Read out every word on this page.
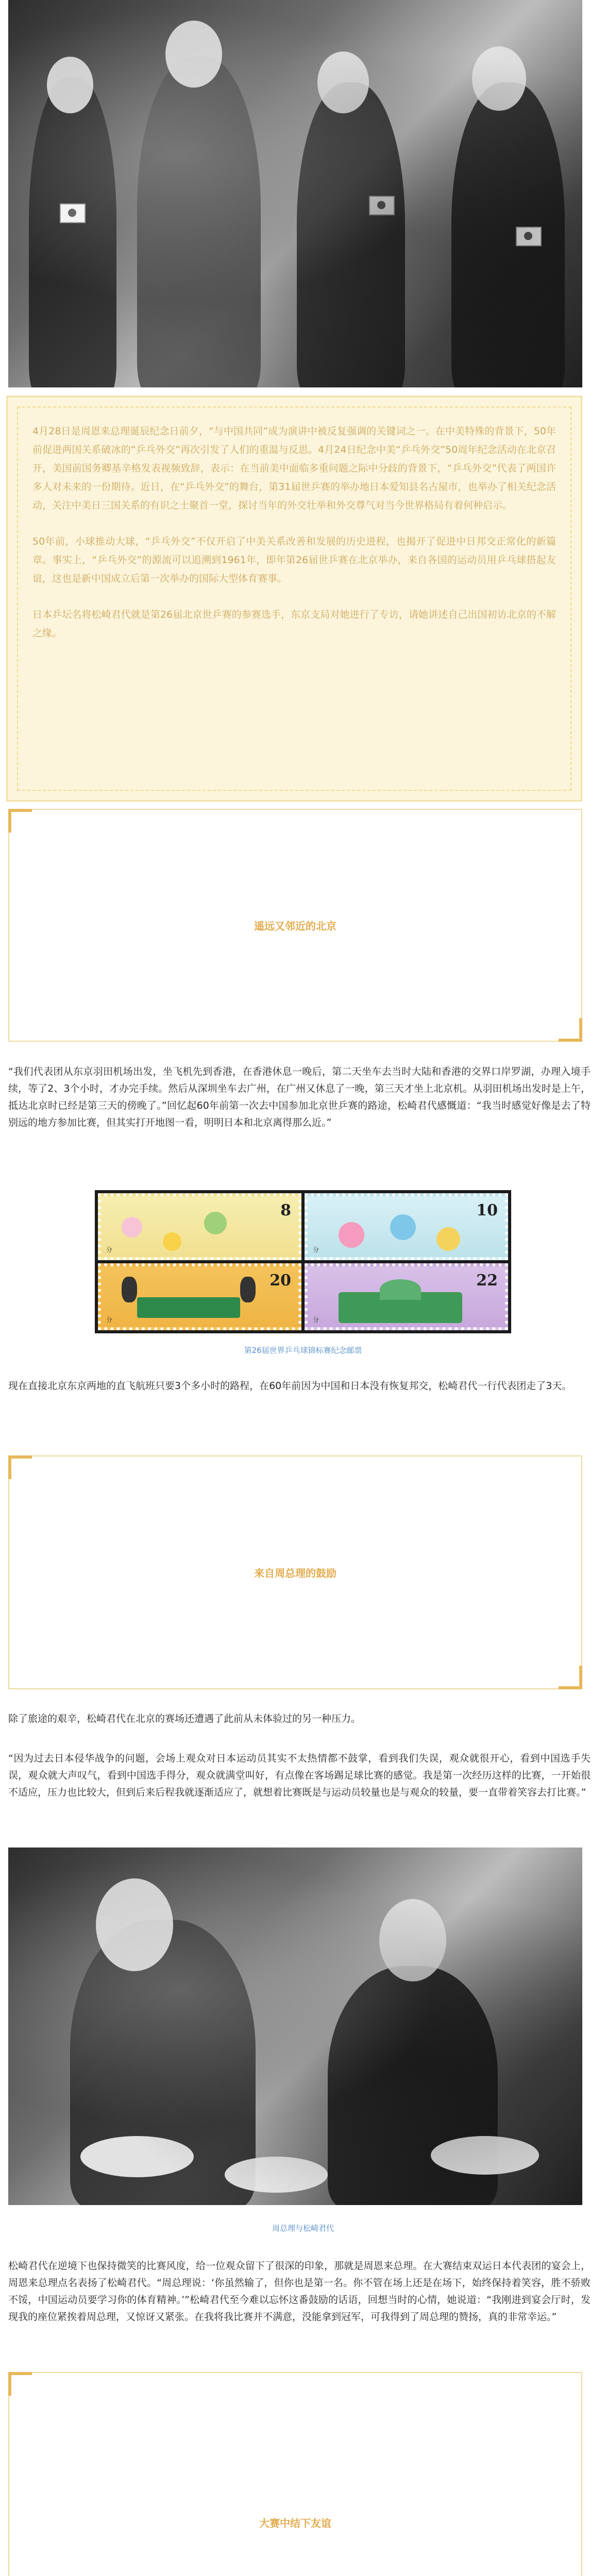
4月28日是周恩来总理诞辰纪念日前夕，“与中国共同”成为演讲中被反复强调的关键词之一。在中美特殊的背景下，50年前促进两国关系破冰的“乒乓外交”再次引发了人们的重温与反思。4月24日纪念中美“乒乓外交”50周年纪念活动在北京召开，美国前国务卿基辛格发表视频致辞，表示：在当前美中面临多重问题之际中分歧的背景下，“乒乓外交”代表了两国许多人对未来的一份期待。近日，在“乒乓外交”的舞台，第31届世乒赛的举办地日本爱知县名古屋市，也举办了相关纪念活动，关注中美日三国关系的有识之士聚首一堂，探讨当年的外交壮举和外交尊气对当今世界格局有着何种启示。

50年前，小球推动大球，“乒乓外交”不仅开启了中美关系改善和发展的历史进程，也揭开了促进中日邦交正常化的新篇章。事实上，“乒乓外交”的源流可以追溯到1961年，即年第26届世乒赛在北京举办，来自各国的运动员用乒乓球搭起友谊，这也是新中国成立后第一次举办的国际大型体育赛事。

日本乒坛名将松崎君代就是第26届北京世乒赛的参赛选手，东京支局对她进行了专访，请她讲述自己出国初访北京的不解之缘。

遥远又邻近的北京

“我们代表团从东京羽田机场出发，坐飞机先到香港，在香港休息一晚后，第二天坐车去当时大陆和香港的交界口岸罗湖，办理入境手续，等了2、3个小时，才办完手续。然后从深圳坐车去广州，在广州又休息了一晚，第三天才坐上北京机。从羽田机场出发时是上午，抵达北京时已经是第三天的傍晚了。”回忆起60年前第一次去中国参加北京世乒赛的路途，松崎君代感慨道：“我当时感觉好像是去了特别远的地方参加比赛，但其实打开地图一看，明明日本和北京离得那么近。”

8
分
10
分
20
分
22
分
第26届世界乒乓球锦标赛纪念邮票

现在直接北京东京两地的直飞航班只要3个多小时的路程，在60年前因为中国和日本没有恢复邦交，松崎君代一行代表团走了3天。

来自周总理的鼓励

除了旅途的艰辛，松崎君代在北京的赛场还遭遇了此前从未体验过的另一种压力。

“因为过去日本侵华战争的问题，会场上观众对日本运动员其实不太热情都不鼓掌，看到我们失误，观众就很开心，看到中国选手失误，观众就大声叹气，看到中国选手得分，观众就满堂叫好，有点像在客场踢足球比赛的感觉。我是第一次经历这样的比赛，一开始很不适应，压力也比较大，但到后来后程我就逐渐适应了，就想着比赛既是与运动员较量也是与观众的较量，要一直带着笑容去打比赛。”

周总理与松崎君代

松崎君代在逆境下也保持微笑的比赛风度，给一位观众留下了很深的印象，那就是周恩来总理。在大赛结束双运日本代表团的宴会上，周恩来总理点名表扬了松崎君代。“周总理说：‘你虽然输了，但你也是第一名。你不管在场上还是在场下，始终保持着笑容，胜不骄败不馁，中国运动员要学习你的体育精神。’”松崎君代至今难以忘怀这番鼓励的话语，回想当时的心情，她说道：“我刚进到宴会厅时，发现我的座位紧挨着周总理，又惊讶又紧张。在我将我比赛并不满意，没能拿到冠军，可我得到了周总理的赞扬，真的非常幸运。”

大赛中结下友谊
